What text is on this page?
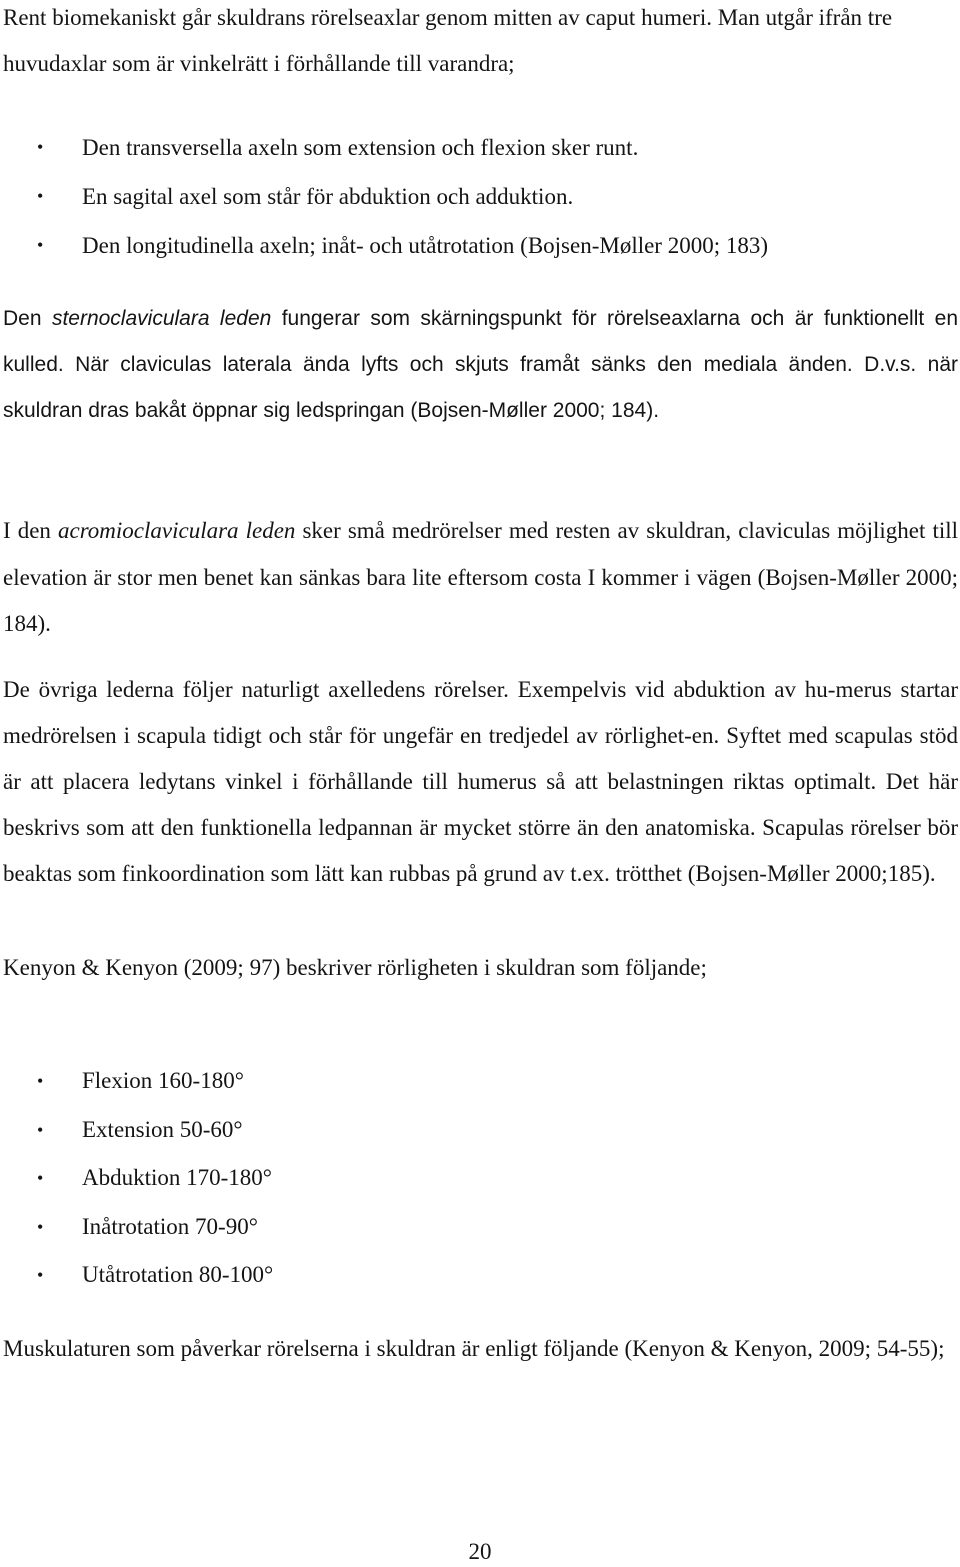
Rent biomekaniskt går skuldrans rörelseaxlar genom mitten av caput humeri. Man utgår ifrån tre huvudaxlar som är vinkelrätt i förhållande till varandra;

• Den transversella axeln som extension och flexion sker runt.
• En sagital axel som står för abduktion och adduktion.
• Den longitudinella axeln; inåt- och utåtrotation (Bojsen-Møller 2000; 183)

Den sternoclavicularа leden fungerar som skärningspunkt för rörelseaxlarna och är funktionellt en kulled. När claviculas laterala ända lyfts och skjuts framåt sänks den mediala änden. D.v.s. när skuldran dras bakåt öppnar sig ledspringan (Bojsen-Møller 2000; 184).

I den acromioclavicularа leden sker små medrörelser med resten av skuldran, claviculas möjlighet till elevation är stor men benet kan sänkas bara lite eftersom costa I kommer i vägen (Bojsen-Møller 2000; 184).

De övriga lederna följer naturligt axelledens rörelser. Exempelvis vid abduktion av hu-merus startar medrörelsen i scapula tidigt och står för ungefär en tredjedel av rörlighet-en. Syftet med scapulas stöd är att placera ledytans vinkel i förhållande till humerus så att belastningen riktas optimalt. Det här beskrivs som att den funktionella ledpannan är mycket större än den anatomiska. Scapulas rörelser bör beaktas som finkoordination som lätt kan rubbas på grund av t.ex. trötthet (Bojsen-Møller 2000;185).

Kenyon & Kenyon (2009; 97) beskriver rörligheten i skuldran som följande;

• Flexion 160-180°
• Extension 50-60°
• Abduktion 170-180°
• Inåtrotation 70-90°
• Utåtrotation 80-100°

Muskulaturen som påverkar rörelserna i skuldran är enligt följande (Kenyon & Kenyon, 2009; 54-55);

20
